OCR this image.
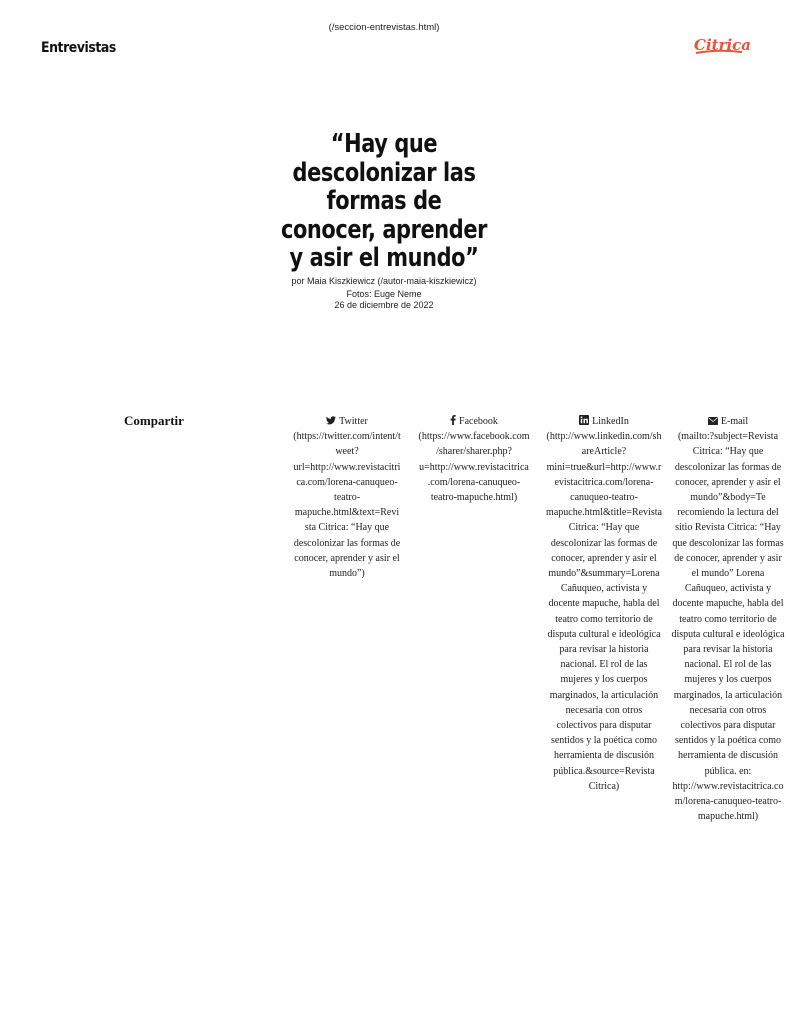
(/seccion-entrevistas.html)
Entrevistas	Citrica
“Hay que descolonizar las formas de conocer, aprender y asir el mundo”
por Maia Kiszkiewicz (/autor-maia-kiszkiewicz)
Fotos: Euge Neme
26 de diciembre de 2022
Compartir	Twitter
(https://twitter.com/intent/tweet?url=http://www.revistacitrica.com/lorena-canuqueo-teatro-mapuche.html&text=Revista Citrica: “Hay que descolonizar las formas de conocer, aprender y asir el mundo”)
Facebook
(https://www.facebook.com/sharer/sharer.php?u=http://www.revistacitrica.com/lorena-canuqueo-teatro-mapuche.html)
LinkedIn
(http://www.linkedin.com/shareArticle?mini=true&url=http://www.revistacitrica.com/lorena-canuqueo-teatro-mapuche.html&title=Revista Citrica: “Hay que descolonizar las formas de conocer, aprender y asir el mundo”&summary=Lorena Cañuqueo, activista y docente mapuche, habla del teatro como territorio de disputa cultural e ideológica para revisar la historia nacional. El rol de las mujeres y los cuerpos marginados, la articulación necesaria con otros colectivos para disputar sentidos y la poética como herramienta de discusión pública.&source=Revista Citrica)
E-mail
(mailto:?subject=Revista Citrica: “Hay que descolonizar las formas de conocer, aprender y asir el mundo”&body=Te recomiendo la lectura del sitio Revista Citrica: “Hay que descolonizar las formas de conocer, aprender y asir el mundo” Lorena Cañuqueo, activista y docente mapuche, habla del teatro como territorio de disputa cultural e ideológica para revisar la historia nacional. El rol de las mujeres y los cuerpos marginados, la articulación necesaria con otros colectivos para disputar sentidos y la poética como herramienta de discusión pública. en: http://www.revistacitrica.com/lorena-canuqueo-teatro-mapuche.html)
